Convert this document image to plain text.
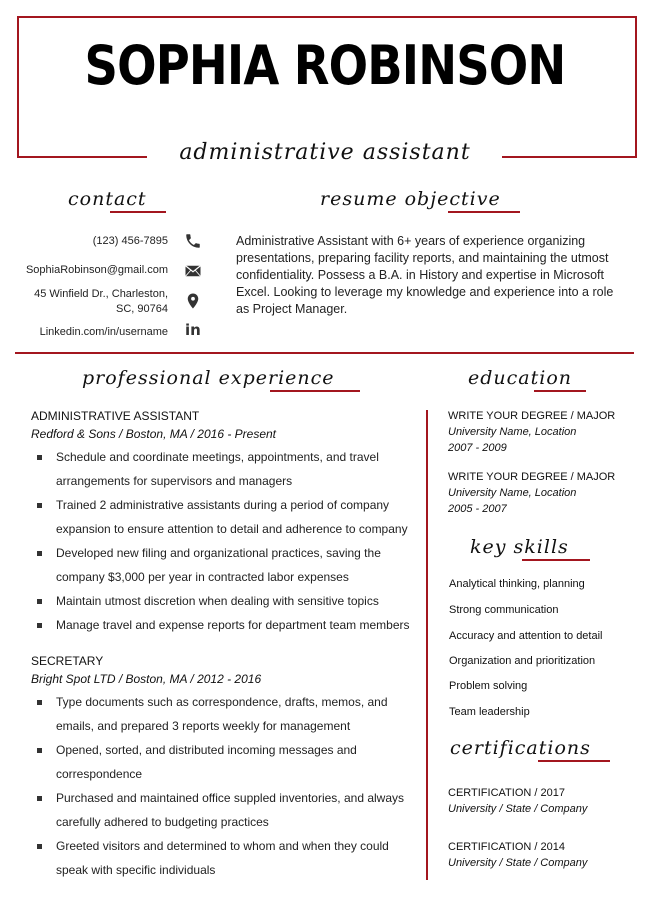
SOPHIA ROBINSON
administrative assistant
contact
(123) 456-7895
SophiaRobinson@gmail.com
45 Winfield Dr., Charleston,
SC, 90764
Linkedin.com/in/username in
resume objective
Administrative Assistant with 6+ years of experience organizing presentations, preparing facility reports, and maintaining the utmost confidentiality. Possess a B.A. in History and expertise in Microsoft Excel. Looking to leverage my knowledge and experience into a role as Project Manager.
professional experience
ADMINISTRATIVE ASSISTANT
Redford & Sons / Boston, MA / 2016 - Present
Schedule and coordinate meetings, appointments, and travel arrangements for supervisors and managers
Trained 2 administrative assistants during a period of company expansion to ensure attention to detail and adherence to company
Developed new filing and organizational practices, saving the company $3,000 per year in contracted labor expenses
Maintain utmost discretion when dealing with sensitive topics
Manage travel and expense reports for department team members
SECRETARY
Bright Spot LTD / Boston, MA / 2012 - 2016
Type documents such as correspondence, drafts, memos, and emails, and prepared 3 reports weekly for management
Opened, sorted, and distributed incoming messages and correspondence
Purchased and maintained office suppled inventories, and always carefully adhered to budgeting practices
Greeted visitors and determined to whom and when they could speak with specific individuals
education
WRITE YOUR DEGREE / MAJOR
University Name, Location
2007 - 2009
WRITE YOUR DEGREE / MAJOR
University Name, Location
2005 - 2007
key skills
Analytical thinking, planning
Strong communication
Accuracy and attention to detail
Organization and prioritization
Problem solving
Team leadership
certifications
CERTIFICATION / 2017
University / State / Company
CERTIFICATION / 2014
University / State / Company
